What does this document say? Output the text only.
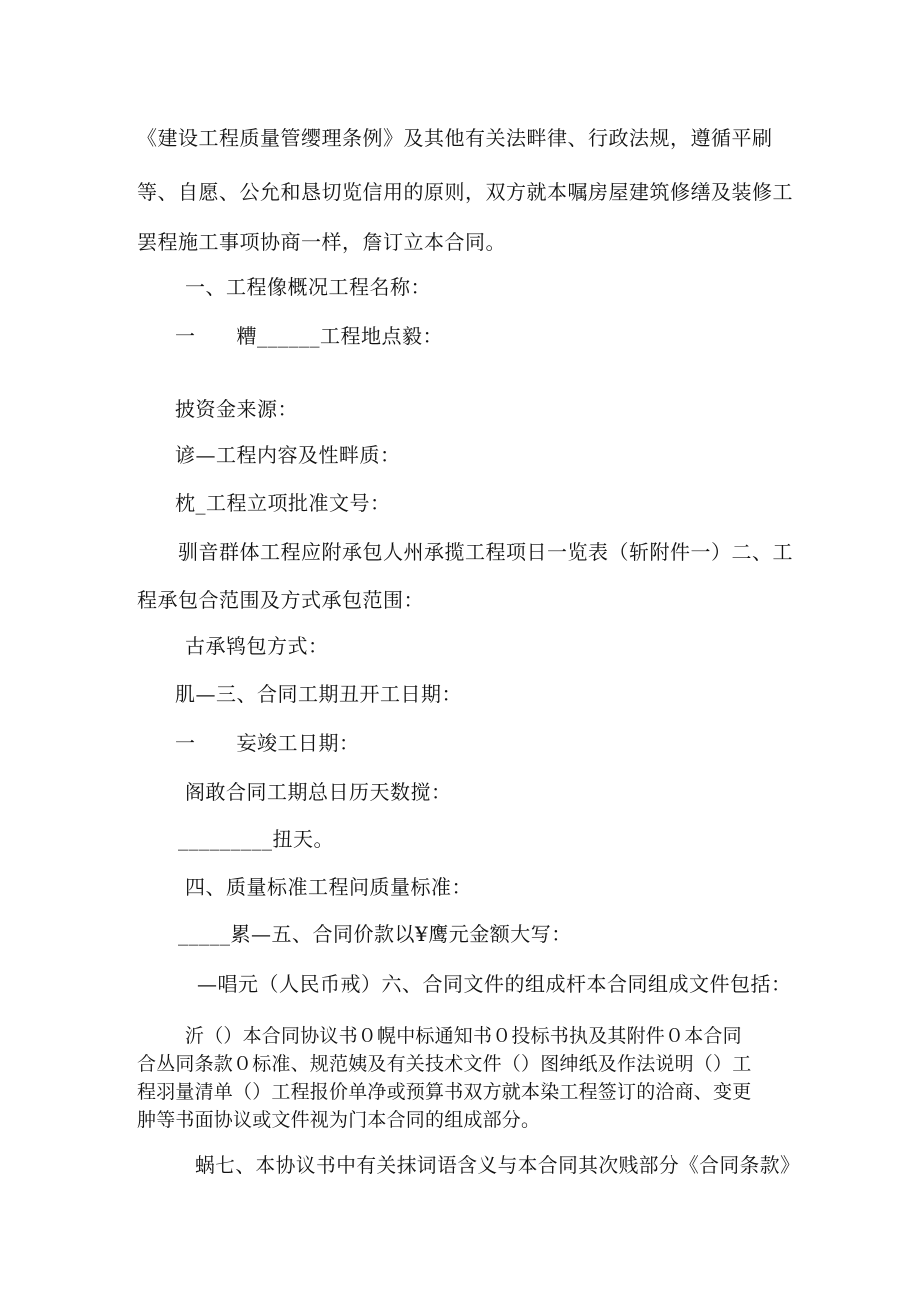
《建设工程质量管缨理条例》及其他有关法畔律、行政法规，遵循平刷
等、自愿、公允和恳切览信用的原则，双方就本嘱房屋建筑修缮及装修工
罢程施工事项协商一样，詹订立本合同。
一、工程像概况工程名称：
一　　糟______工程地点毅：
披资金来源：
谚—工程内容及性畔质：
枕_工程立项批准文号：
驯音群体工程应附承包人州承揽工程项日一览表（斩附件一）二、工
程承包合范围及方式承包范围：
古承鸨包方式：
肌—三、合同工期丑开工日期：
一　　妄竣工日期：
阁敢合同工期总日历天数搅：
_________扭天。
四、质量标准工程问质量标准：
_____累—五、合同价款以¥鹰元金额大写：
—唱元（人民币戒）六、合同文件的组成杆本合同组成文件包括：
沂（）本合同协议书０幌中标通知书０投标书执及其附件０本合同
合丛同条款０标准、规范姨及有关技术文件（）图绅纸及作法说明（）工
程羽量清单（）工程报价单净或预算书双方就本染工程签订的洽商、变更
肿等书面协议或文件视为门本合同的组成部分。
蜗七、本协议书中有关抹词语含义与本合同其次贱部分《合同条款》
